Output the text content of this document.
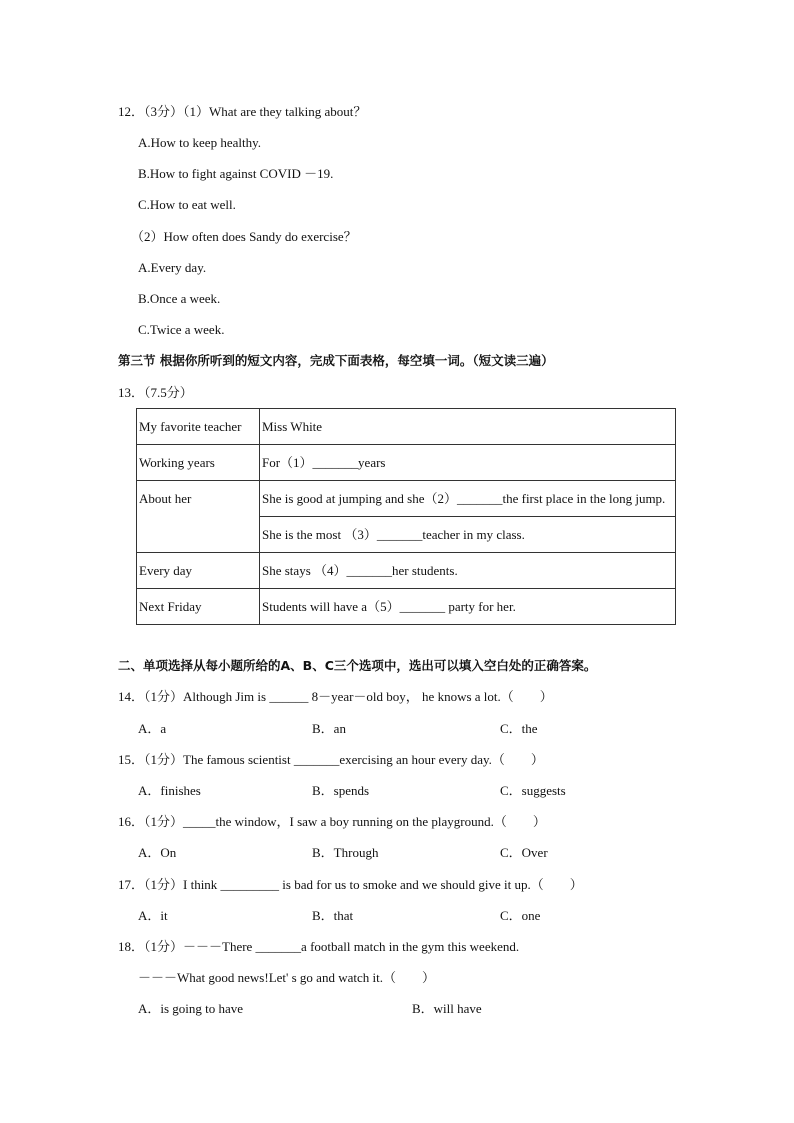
12．（3分）（1）What are they talking about？
A.How to keep healthy.
B.How to fight against COVID －19.
C.How to eat well.
（2）How often does Sandy do exercise？
A.Every day.
B.Once a week.
C.Twice a week.
第三节 根据你所听到的短文内容，完成下面表格，每空填一词。（短文读三遍）
13．（7.5分）
My favorite teacher	Miss White
Working years	For（1）_______years
About her	She is good at jumping and she（2）_______the first place in the long jump.
	She is the most （3）_______teacher in my class.
Every day	She stays （4）_______her students.
Next Friday	Students will have a（5）_______ party for her.
二、单项选择从每小题所给的A、B、C三个选项中，选出可以填入空白处的正确答案。
14．（1分）Although Jim is ______ 8－year－old boy， he knows a lot.（　　）
A．a	B．an	C．the
15．（1分）The famous scientist _______exercising an hour every day.（　　）
A．finishes	B．spends	C．suggests
16．（1分）_____the window，I saw a boy running on the playground.（　　）
A．On	B．Through	C．Over
17．（1分）I think _________ is bad for us to smoke and we should give it up.（　　）
A．it	B．that	C．one
18．（1分）－－－There _______a football match in the gym this weekend.
－－－What good news!Let' s go and watch it.（　　）
A．is going to have	B．will have
